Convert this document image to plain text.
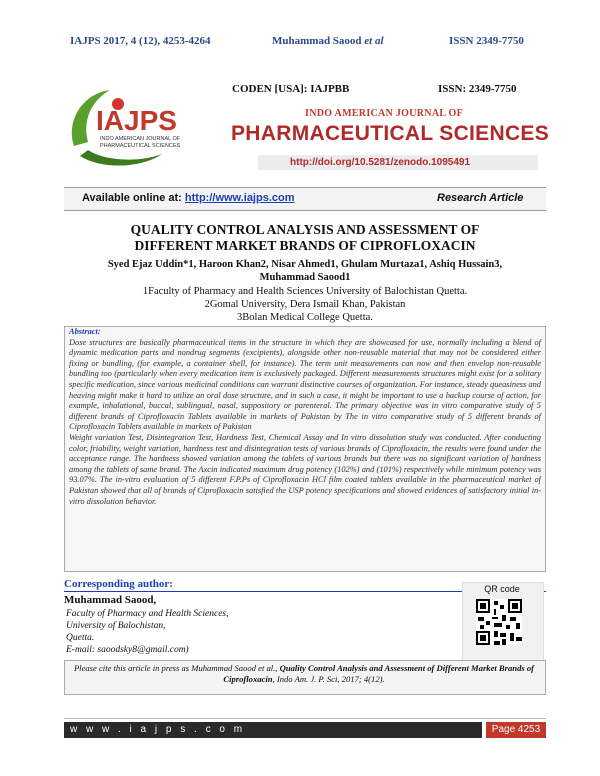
IAJPS 2017, 4 (12), 4253-4264	Muhammad Saood et al	ISSN 2349-7750
IAJPS
INDO AMERICAN JOURNAL OF
PHARMACEUTICAL SCIENCES
CODEN [USA]: IAJPBB	ISSN: 2349-7750
INDO AMERICAN JOURNAL OF
PHARMACEUTICAL SCIENCES
http://doi.org/10.5281/zenodo.1095491
Available online at: http://www.iajps.com	Research Article
QUALITY CONTROL ANALYSIS AND ASSESSMENT OF
DIFFERENT MARKET BRANDS OF CIPROFLOXACIN
Syed Ejaz Uddin*1, Haroon Khan2, Nisar Ahmed1, Ghulam Murtaza1, Ashiq Hussain3,
Muhammad Saood1
1Faculty of Pharmacy and Health Sciences University of Balochistan Quetta.
2Gomal University, Dera Ismail Khan, Pakistan
3Bolan Medical College Quetta.
Abstract:

Dose structures are basically pharmaceutical items in the structure in which they are showcased for use, normally including a blend of dynamic medication parts and nondrug segments (excipients), alongside other non-reusable material that may not be considered either fixing or bundling, (for example, a container shell, for instance). The term unit measurements can now and then envelop non-reusable bundling too (particularly when every medication item is exclusively packaged. Different measurements structures might exist for a solitary specific medication, since various medicinal conditions can warrant distinctive courses of organization. For instance, steady queasiness and heaving might make it hard to utilize an oral dose structure, and in such a case, it might be important to use a backup course of action, for example, inhalational, buccal, sublingual, nasal, suppository or parenteral. The primary objective was in vitro comparative study of 5 different brands of Ciprofloxacin Tablets available in markets of Pakistan by The in vitro comparative study of 5 different brands of Ciprofloxacin Tablets available in markets of Pakistan

Weight variation Test, Disintegration Test, Hardness Test, Chemical Assay and In vitro dissolution study was conducted. After conducting color, friability, weight variation, hardness test and disintegration tests of various brands of Ciprofloxacin, the results were found under the acceptance range. The hardness showed variation among the tablets of various brands but there was no significant variation of hardness among the tablets of same brand. The Axcin indicated maximum drug potency (102%) and (101%) respectively while minimum potency was 93.07%. The in-vitro evaluation of 5 different F.P.Ps of Ciprofloxacin HCl film coated tablets available in the pharmaceutical market of Pakistan showed that all of brands of Ciprofloxacin satisfied the USP potency specifications and showed evidences of satisfactory initial in-vitro dissolution behavior.

Corresponding author:
Muhammad Saood,
Faculty of Pharmacy and Health Sciences,
University of Balochistan,
Quetta.
E-mail: saoodsky8@gmail.com)
QR code
Please cite this article in press as Muhammad Saood et al., Quality Control Analysis and Assessment of Different Market Brands of Ciprofloxacin, Indo Am. J. P. Sci, 2017; 4(12).
w w w . i a j p s . c o m	Page 4253
